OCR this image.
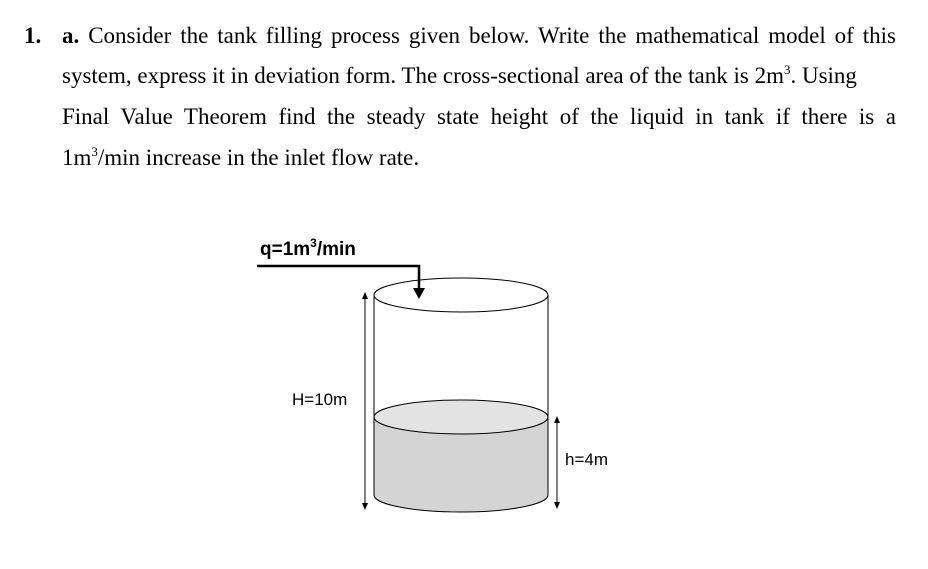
1. a. Consider the tank filling process given below. Write the mathematical model of this
system, express it in deviation form. The cross-sectional area of the tank is $2m^3$. Using
Final Value Theorem find the steady state height of the liquid in tank if there is a
$1m^3/\min$ increase in the inlet flow rate.
$q=1m^3/\min$
H=10m
h=4m
